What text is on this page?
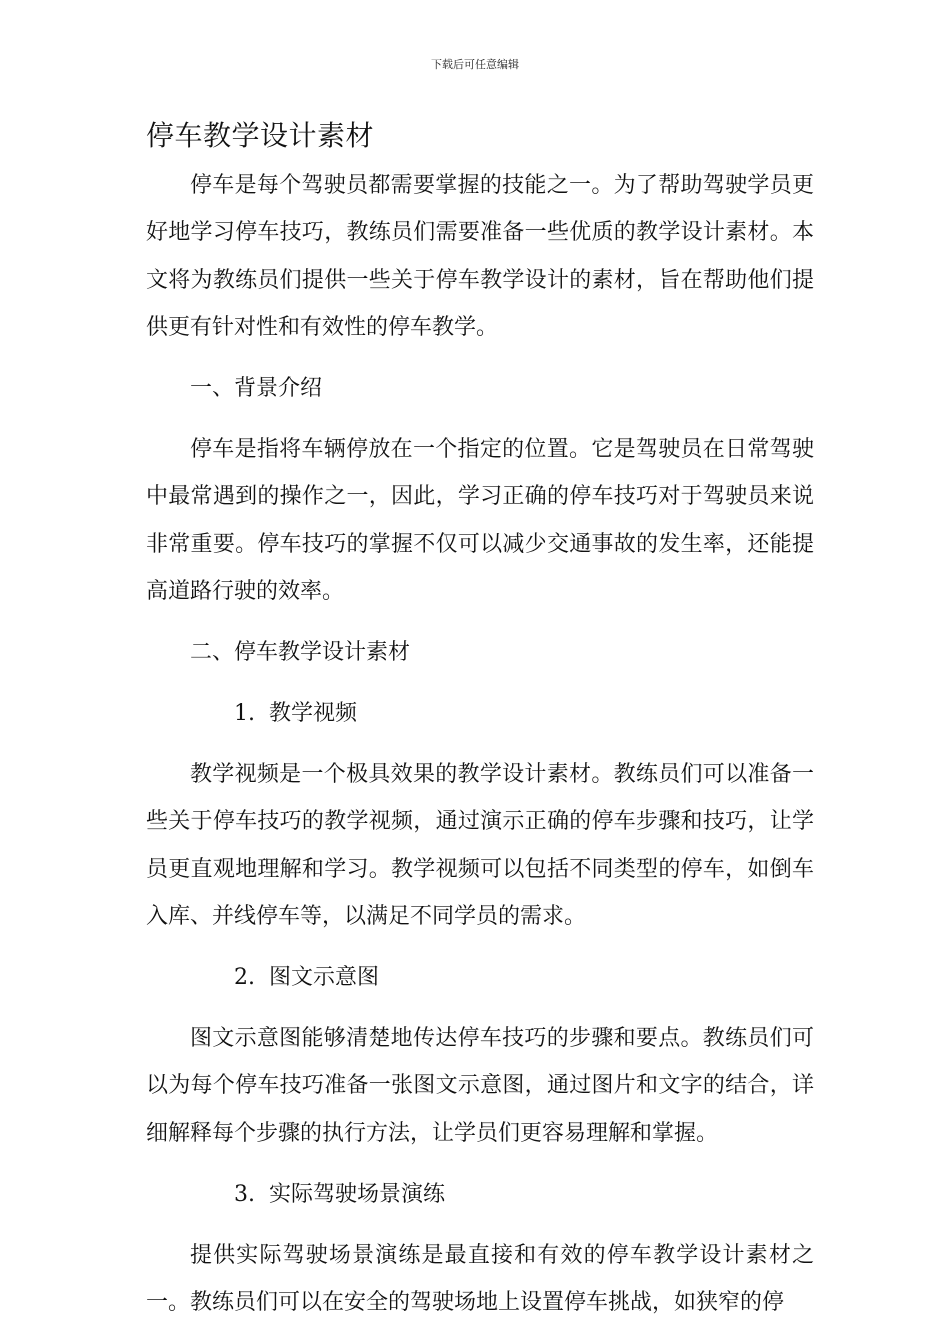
下载后可任意编辑
停车教学设计素材

停车是每个驾驶员都需要掌握的技能之一。为了帮助驾驶学员更好地学习停车技巧，教练员们需要准备一些优质的教学设计素材。本文将为教练员们提供一些关于停车教学设计的素材，旨在帮助他们提供更有针对性和有效性的停车教学。

一、背景介绍

停车是指将车辆停放在一个指定的位置。它是驾驶员在日常驾驶中最常遇到的操作之一，因此，学习正确的停车技巧对于驾驶员来说非常重要。停车技巧的掌握不仅可以减少交通事故的发生率，还能提高道路行驶的效率。

二、停车教学设计素材

1. 教学视频

教学视频是一个极具效果的教学设计素材。教练员们可以准备一些关于停车技巧的教学视频，通过演示正确的停车步骤和技巧，让学员更直观地理解和学习。教学视频可以包括不同类型的停车，如倒车入库、并线停车等，以满足不同学员的需求。

2. 图文示意图

图文示意图能够清楚地传达停车技巧的步骤和要点。教练员们可以为每个停车技巧准备一张图文示意图，通过图片和文字的结合，详细解释每个步骤的执行方法，让学员们更容易理解和掌握。

3. 实际驾驶场景演练

提供实际驾驶场景演练是最直接和有效的停车教学设计素材之一。教练员们可以在安全的驾驶场地上设置停车挑战，如狭窄的停
